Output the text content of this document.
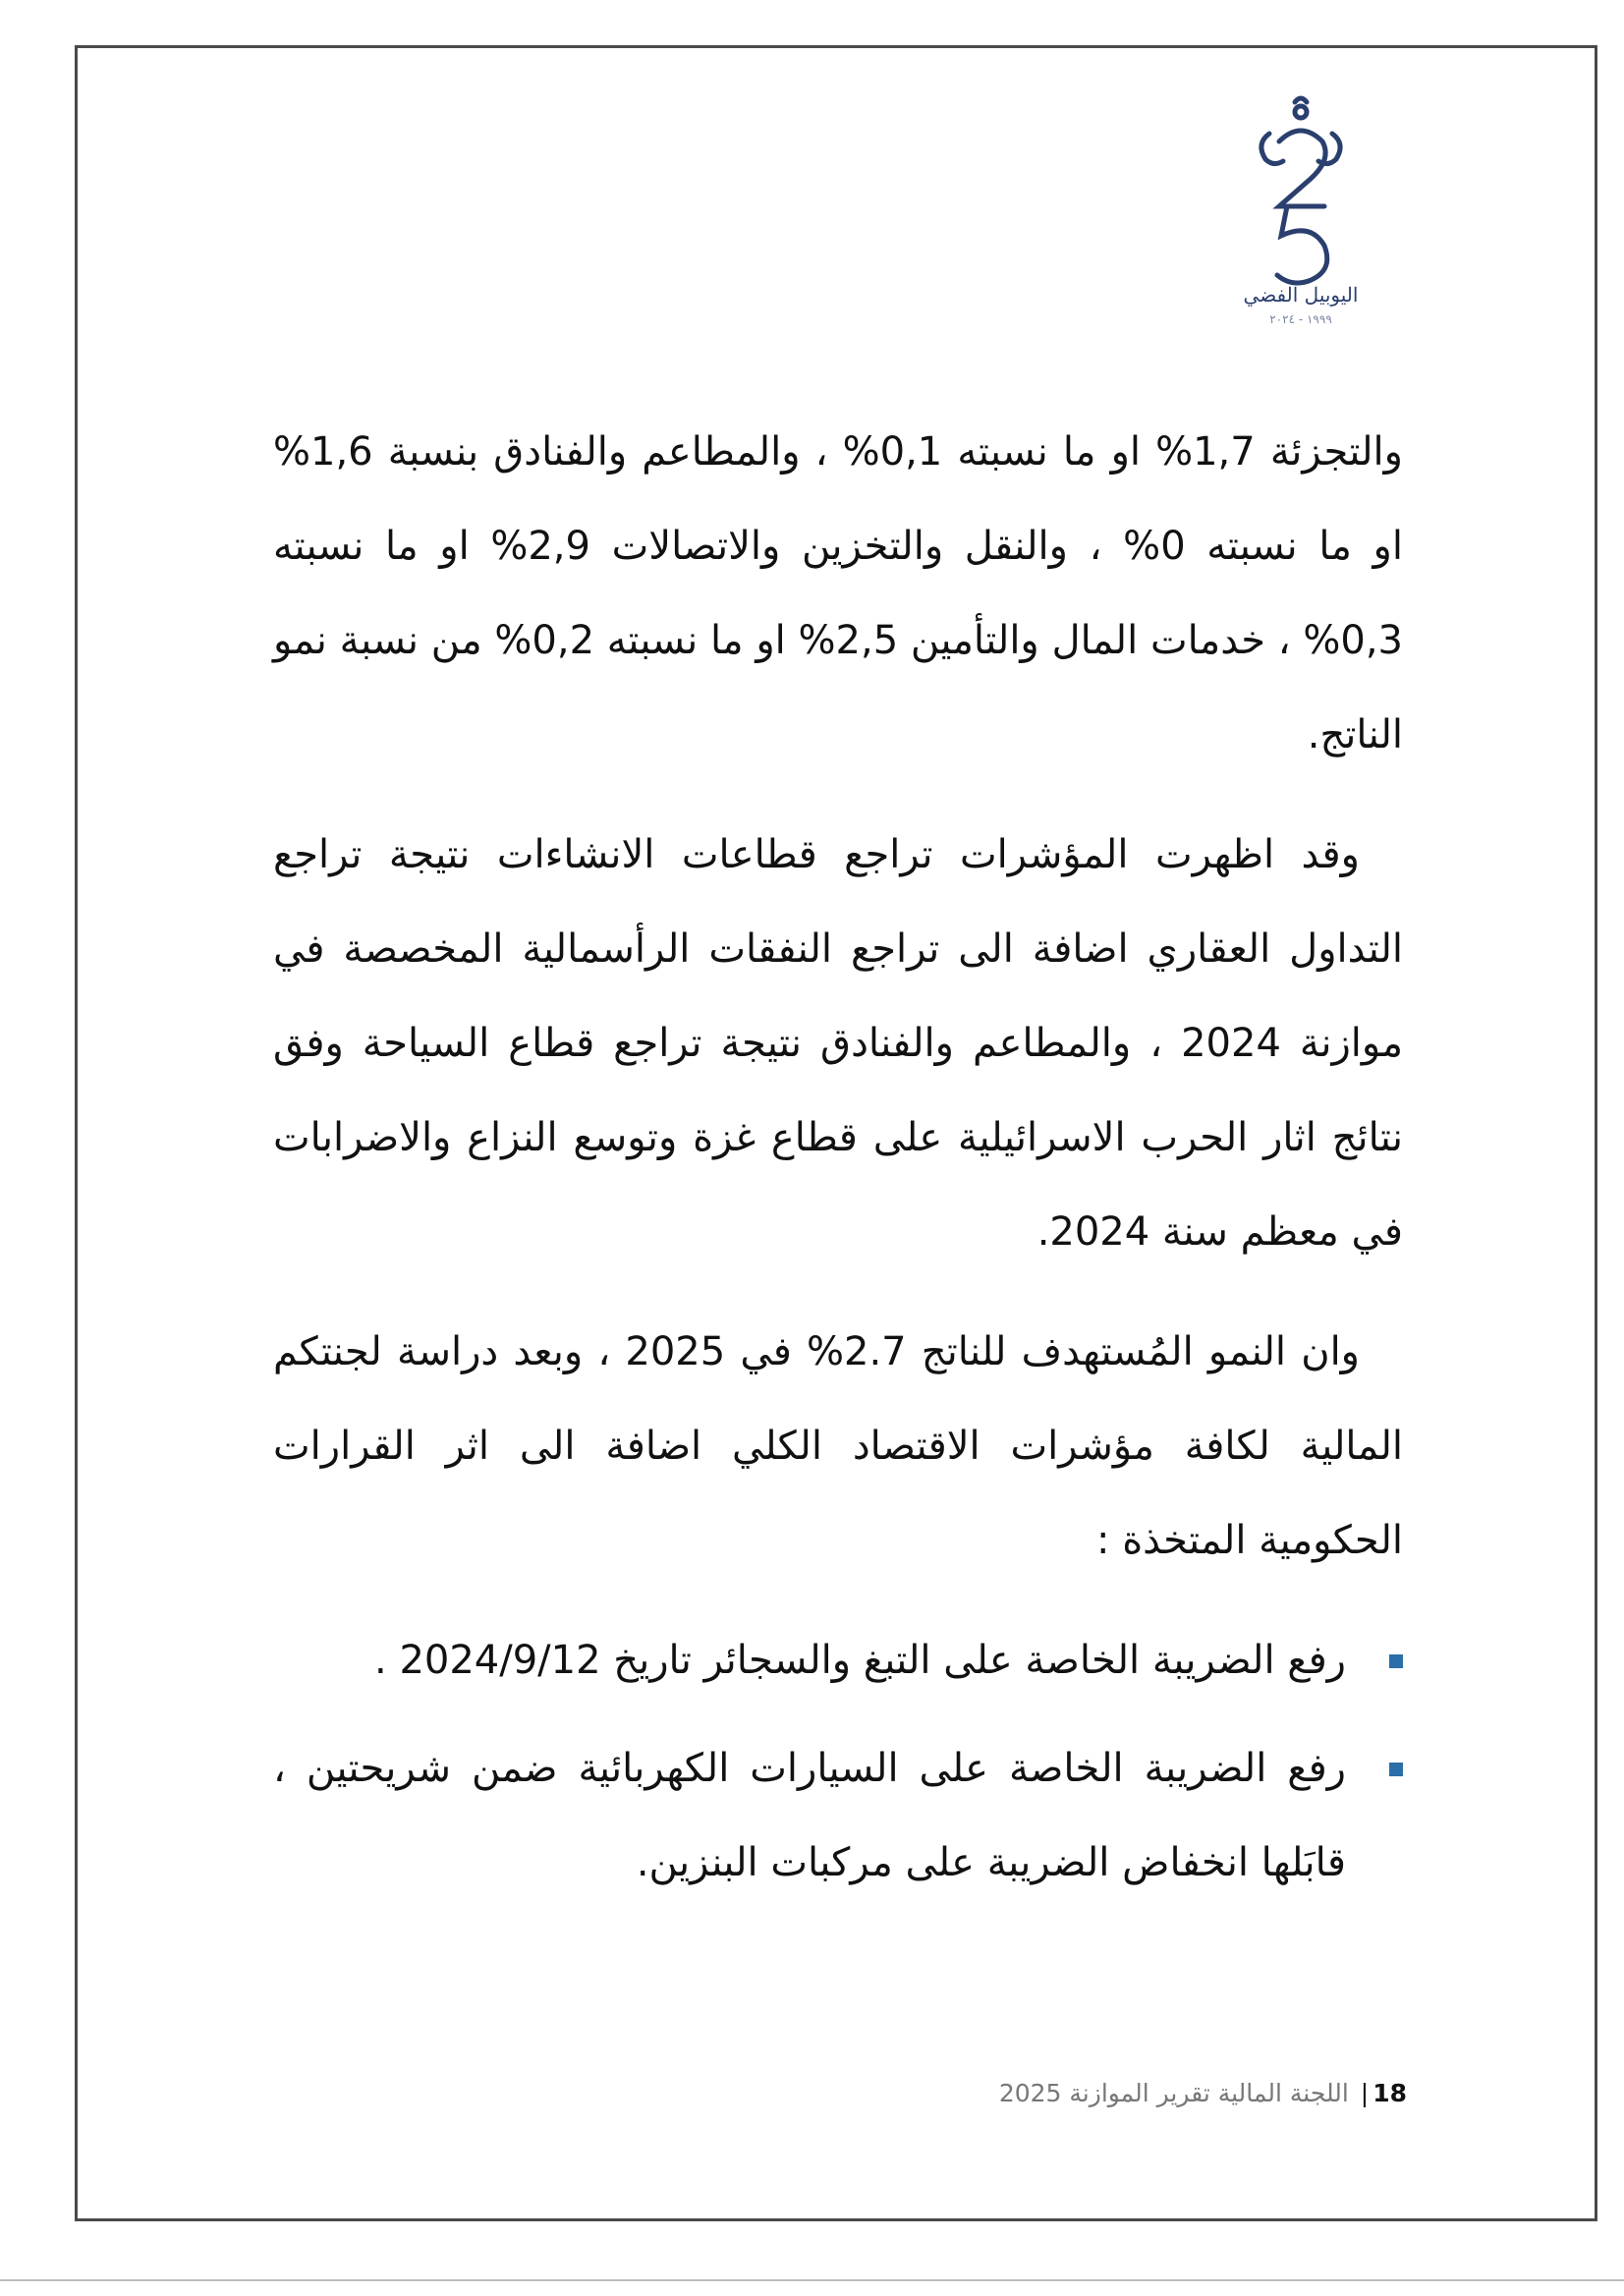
اليوبيل الفضي
١٩٩٩ - ٢٠٢٤

والتجزئة 1,7% او ما نسبته 0,1% ، والمطاعم والفنادق بنسبة 1,6% او ما نسبته 0% ، والنقل والتخزين والاتصالات 2,9% او ما نسبته 0,3% ، خدمات المال والتأمين 2,5% او ما نسبته 0,2% من نسبة نمو الناتج.

وقد اظهرت المؤشرات تراجع قطاعات الانشاءات نتيجة تراجع التداول العقاري اضافة الى تراجع النفقات الرأسمالية المخصصة في موازنة 2024 ، والمطاعم والفنادق نتيجة تراجع قطاع السياحة وفق نتائج اثار الحرب الاسرائيلية على قطاع غزة وتوسع النزاع والاضرابات في معظم سنة 2024.

وان النمو المُستهدف للناتج 2.7% في 2025 ، وبعد دراسة لجنتكم المالية لكافة مؤشرات الاقتصاد الكلي اضافة الى اثر القرارات الحكومية المتخذة :

رفع الضريبة الخاصة على التبغ والسجائر تاريخ 2024/9/12 .
رفع الضريبة الخاصة على السيارات الكهربائية ضمن شريحتين ، قابَلها انخفاض الضريبة على مركبات البنزين.
18| اللجنة المالية تقرير الموازنة 2025
